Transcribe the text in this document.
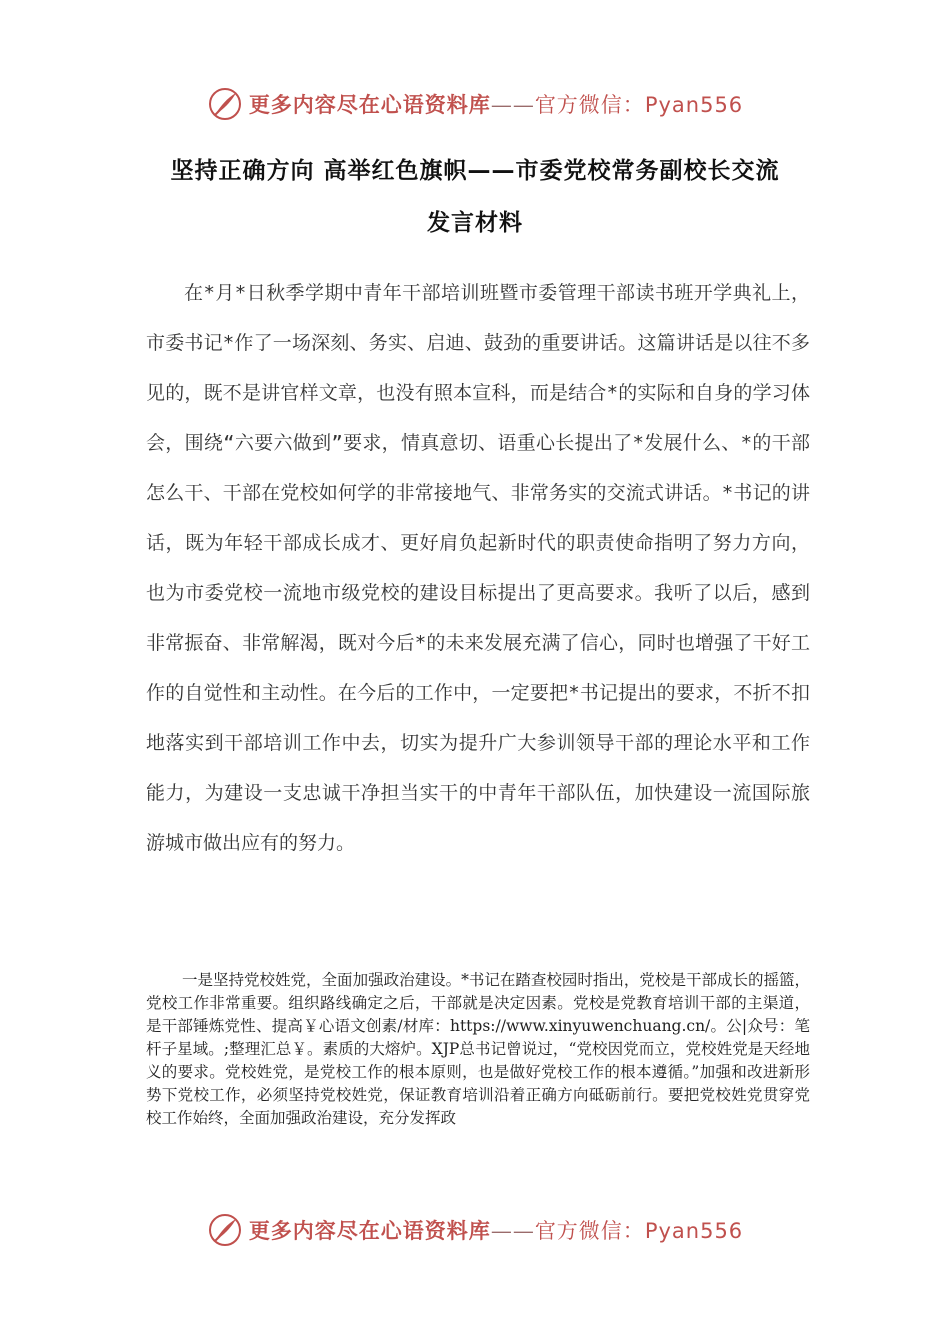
更多内容尽在心语资料库——官方微信：Pyan556
坚持正确方向 高举红色旗帜——市委党校常务副校长交流
发言材料

在*月*日秋季学期中青年干部培训班暨市委管理干部读书班开学典礼上，市委书记*作了一场深刻、务实、启迪、鼓劲的重要讲话。这篇讲话是以往不多见的，既不是讲官样文章，也没有照本宣科，而是结合*的实际和自身的学习体会，围绕“六要六做到”要求，情真意切、语重心长提出了*发展什么、*的干部怎么干、干部在党校如何学的非常接地气、非常务实的交流式讲话。*书记的讲话，既为年轻干部成长成才、更好肩负起新时代的职责使命指明了努力方向，也为市委党校一流地市级党校的建设目标提出了更高要求。我听了以后，感到非常振奋、非常解渴，既对今后*的未来发展充满了信心，同时也增强了干好工作的自觉性和主动性。在今后的工作中，一定要把*书记提出的要求，不折不扣地落实到干部培训工作中去，切实为提升广大参训领导干部的理论水平和工作能力，为建设一支忠诚干净担当实干的中青年干部队伍，加快建设一流国际旅游城市做出应有的努力。

一是坚持党校姓党，全面加强政治建设。*书记在踏查校园时指出，党校是干部成长的摇篮，党校工作非常重要。组织路线确定之后，干部就是决定因素。党校是党教育培训干部的主渠道，是干部锤炼党性、提高￥心语文创素/材库：https://www.xinyuwenchuang.cn/。公|众号：笔杆子星域。;整理汇总￥。素质的大熔炉。XJP总书记曾说过，“党校因党而立，党校姓党是天经地义的要求。党校姓党，是党校工作的根本原则，也是做好党校工作的根本遵循。”加强和改进新形势下党校工作，必须坚持党校姓党，保证教育培训沿着正确方向砥砺前行。要把党校姓党贯穿党校工作始终，全面加强政治建设，充分发挥政

更多内容尽在心语资料库——官方微信：Pyan556
